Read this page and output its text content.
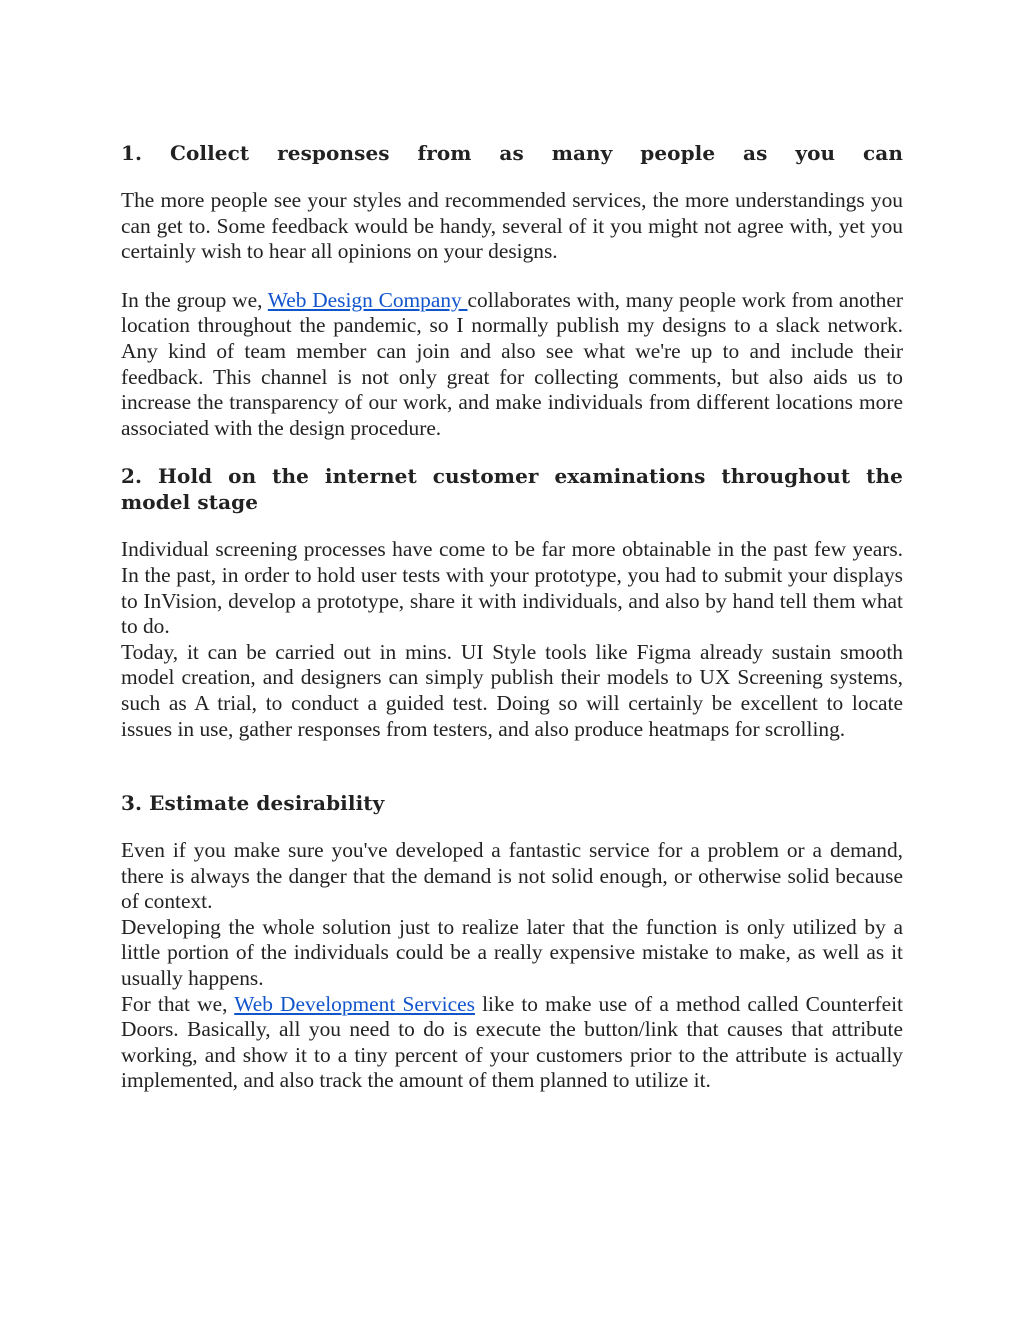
1. Collect responses from as many people as you can

The more people see your styles and recommended services, the more understandings you can get to. Some feedback would be handy, several of it you might not agree with, yet you certainly wish to hear all opinions on your designs.

In the group we, Web Design Company collaborates with, many people work from another location throughout the pandemic, so I normally publish my designs to a slack network. Any kind of team member can join and also see what we're up to and include their feedback. This channel is not only great for collecting comments, but also aids us to increase the transparency of our work, and make individuals from different locations more associated with the design procedure.

2. Hold on the internet customer examinations throughout the model stage

Individual screening processes have come to be far more obtainable in the past few years. In the past, in order to hold user tests with your prototype, you had to submit your displays to InVision, develop a prototype, share it with individuals, and also by hand tell them what to do.

Today, it can be carried out in mins. UI Style tools like Figma already sustain smooth model creation, and designers can simply publish their models to UX Screening systems, such as A trial, to conduct a guided test. Doing so will certainly be excellent to locate issues in use, gather responses from testers, and also produce heatmaps for scrolling.

3. Estimate desirability

Even if you make sure you've developed a fantastic service for a problem or a demand, there is always the danger that the demand is not solid enough, or otherwise solid because of context.

Developing the whole solution just to realize later that the function is only utilized by a little portion of the individuals could be a really expensive mistake to make, as well as it usually happens.

For that we, Web Development Services like to make use of a method called Counterfeit Doors. Basically, all you need to do is execute the button/link that causes that attribute working, and show it to a tiny percent of your customers prior to the attribute is actually implemented, and also track the amount of them planned to utilize it.
